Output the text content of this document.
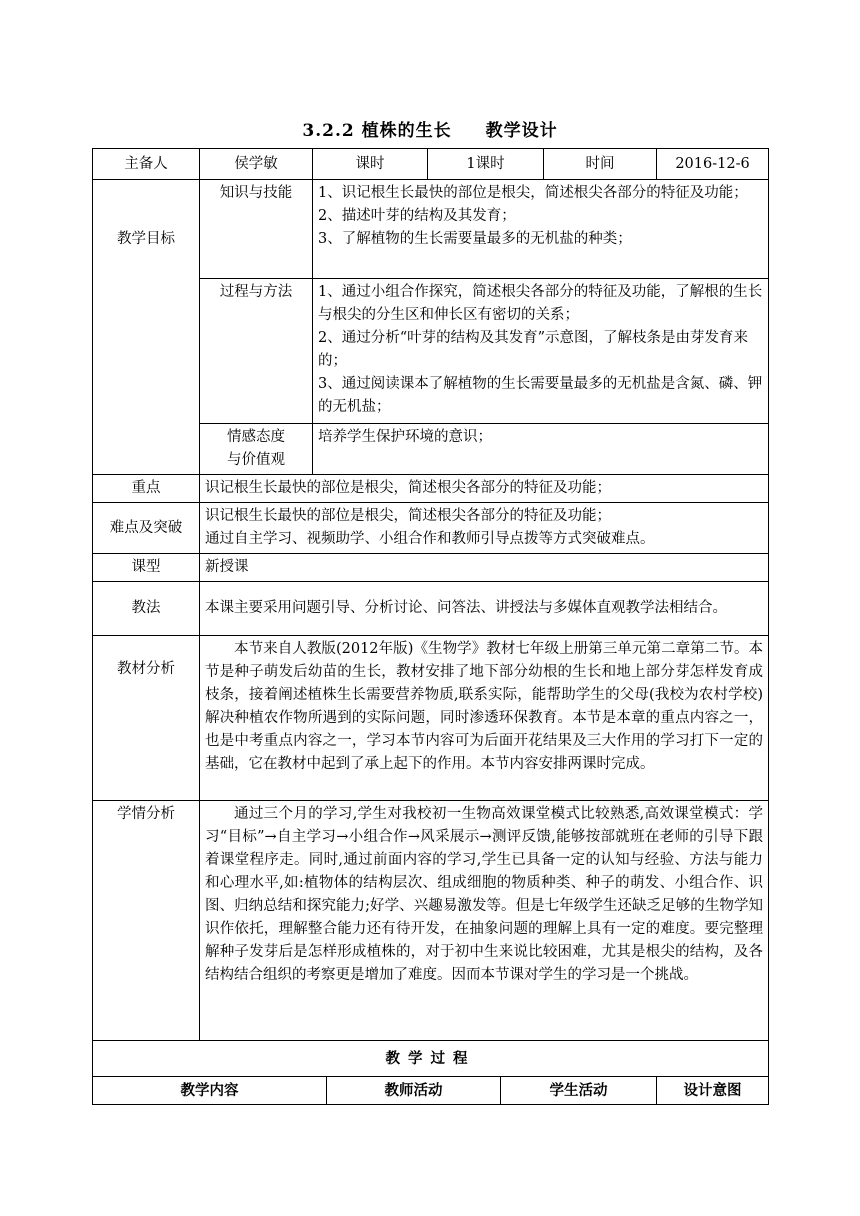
3.2.2 植株的生长 教学设计
主备人	侯学敏	课时		1课时		时间	2016-12-6
教学目标	知识与技能	1、识记根生长最快的部位是根尖，简述根尖各部分的特征及功能；
2、描述叶芽的结构及其发育；
3、了解植物的生长需要量最多的无机盐的种类；					

	过程与方法	1、通过小组合作探究，简述根尖各部分的特征及功能，了解根的生长与根尖的分生区和伸长区有密切的关系；
2、通过分析“叶芽的结构及其发育”示意图，了解枝条是由芽发育来的；
3、通过阅读课本了解植物的生长需要量最多的无机盐是含氮、磷、钾的无机盐；					

	情感态度
与价值观	培养学生保护环境的意识；					
重点	识记根生长最快的部位是根尖，简述根尖各部分的特征及功能；						
难点及突破	识记根生长最快的部位是根尖，简述根尖各部分的特征及功能；
通过自主学习、视频助学、小组合作和教师引导点拨等方式突破难点。						

课型	新授课						
教法	本课主要采用问题引导、分析讨论、问答法、讲授法与多媒体直观教学法相结合。						
教材分析	本节来自人教版(2012年版)《生物学》教材七年级上册第三单元第二章第二节。本节是种子萌发后幼苗的生长，教材安排了地下部分幼根的生长和地上部分芽怎样发育成枝条，接着阐述植株生长需要营养物质,联系实际，能帮助学生的父母(我校为农村学校)解决种植农作物所遇到的实际问题，同时渗透环保教育。本节是本章的重点内容之一，也是中考重点内容之一，学习本节内容可为后面开花结果及三大作用的学习打下一定的基础，它在教材中起到了承上起下的作用。本节内容安排两课时完成。						
学情分析	通过三个月的学习,学生对我校初一生物高效课堂模式比较熟悉,高效课堂模式：学习“目标”→自主学习→小组合作→风采展示→测评反馈,能够按部就班在老师的引导下跟着课堂程序走。同时,通过前面内容的学习,学生已具备一定的认知与经验、方法与能力和心理水平,如:植物体的结构层次、组成细胞的物质种类、种子的萌发、小组合作、识图、归纳总结和探究能力;好学、兴趣易激发等。但是七年级学生还缺乏足够的生物学知识作依托，理解整合能力还有待开发，在抽象问题的理解上具有一定的难度。要完整理解种子发芽后是怎样形成植株的，对于初中生来说比较困难，尤其是根尖的结构，及各结构结合组织的考察更是增加了难度。因而本节课对学生的学习是一个挑战。						
教学过程							
教学内容			教师活动		学生活动		设计意图
